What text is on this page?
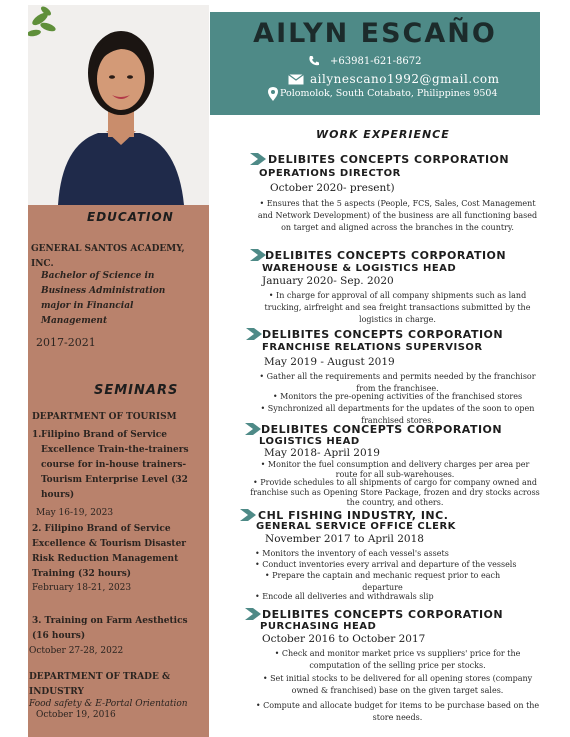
EDUCATION
GENERAL SANTOS ACADEMY, INC.
Bachelor of Science in Business Administration major in Financial Management
2017-2021
SEMINARS
DEPARTMENT OF TOURISM
1. Filipino Brand of Service Excellence Train-the-trainers course for in-house trainers-Tourism Enterprise Level (32 hours)
May 16-19, 2023
2. Filipino Brand of Service Excellence & Tourism Disaster Risk Reduction Management Training (32 hours)
February 18-21, 2023
3. Training on Farm Aesthetics (16 hours)
October 27-28, 2022
DEPARTMENT OF TRADE & INDUSTRY
Food safety & E-Portal Orientation
October 19, 2016
AILYN ESCAÑO
+63981-621-8672
ailynescano1992@gmail.com
Polomolok, South Cotabato, Philippines 9504
WORK EXPERIENCE
DELIBITES CONCEPTS CORPORATION
OPERATIONS DIRECTOR
October 2020- present)
• Ensures that the 5 aspects (People, FCS, Sales, Cost Management and Network Development) of the business are all functioning based on target and aligned across the branches in the country.
DELIBITES CONCEPTS CORPORATION
WAREHOUSE & LOGISTICS HEAD
January 2020- Sep. 2020
• In charge for approval of all company shipments such as land trucking, airfreight and sea freight transactions submitted by the logistics in charge.
DELIBITES CONCEPTS CORPORATION
FRANCHISE RELATIONS SUPERVISOR
May 2019 - August 2019
• Gather all the requirements and permits needed by the franchisor from the franchisee.
• Monitors the pre-opening activities of the franchised stores
• Synchronized all departments for the updates of the soon to open franchised stores.
DELIBITES CONCEPTS CORPORATION
LOGISTICS HEAD
May 2018- April 2019
• Monitor the fuel consumption and delivery charges per area per route for all sub-warehouses.
• Provide schedules to all shipments of cargo for company owned and franchise such as Opening Store Package, frozen and dry stocks across the country, and others.
CHL FISHING INDUSTRY, INC.
GENERAL SERVICE OFFICE CLERK
November 2017 to April 2018
• Monitors the inventory of each vessel's assets
• Conduct inventories every arrival and departure of the vessels
• Prepare the captain and mechanic request prior to each departure
• Encode all deliveries and withdrawals slip
DELIBITES CONCEPTS CORPORATION
PURCHASING HEAD
October 2016 to October 2017
• Check and monitor market price vs suppliers' price for the computation of the selling price per stocks.
• Set initial stocks to be delivered for all opening stores (company owned & franchised) base on the given target sales.
• Compute and allocate budget for items to be purchase based on the store needs.
